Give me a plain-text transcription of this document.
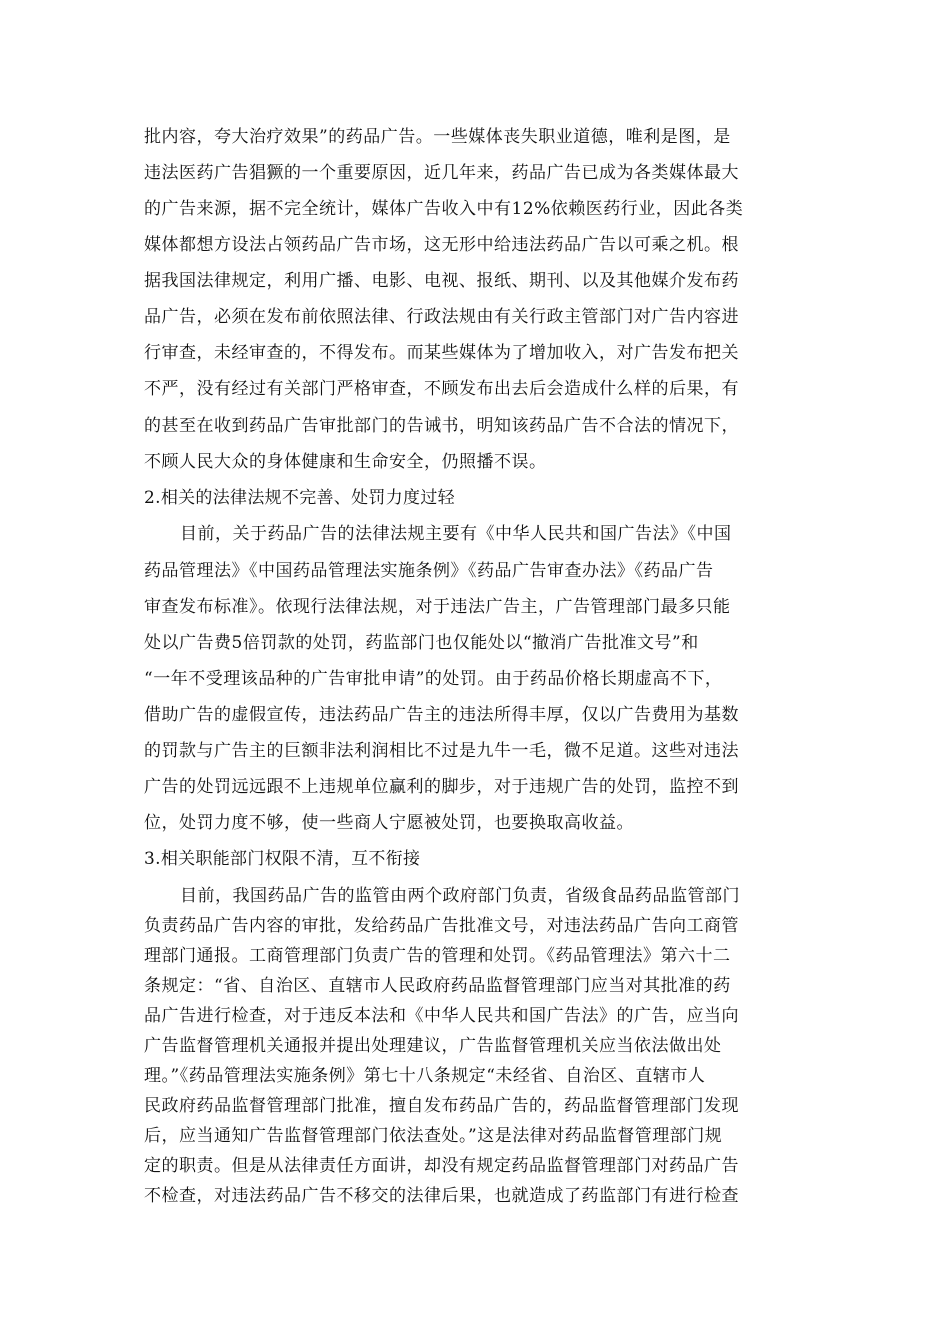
批内容，夸大治疗效果”的药品广告。一些媒体丧失职业道德，唯利是图，是
违法医药广告猖獗的一个重要原因，近几年来，药品广告已成为各类媒体最大
的广告来源，据不完全统计，媒体广告收入中有12%依赖医药行业，因此各类
媒体都想方设法占领药品广告市场，这无形中给违法药品广告以可乘之机。根
据我国法律规定，利用广播、电影、电视、报纸、期刊、以及其他媒介发布药
品广告，必须在发布前依照法律、行政法规由有关行政主管部门对广告内容进
行审查，未经审查的，不得发布。而某些媒体为了增加收入，对广告发布把关
不严，没有经过有关部门严格审查，不顾发布出去后会造成什么样的后果，有
的甚至在收到药品广告审批部门的告诫书，明知该药品广告不合法的情况下，
不顾人民大众的身体健康和生命安全，仍照播不误。
2.相关的法律法规不完善、处罚力度过轻
目前，关于药品广告的法律法规主要有《中华人民共和国广告法》《中国
药品管理法》《中国药品管理法实施条例》《药品广告审查办法》《药品广告
审查发布标准》。依现行法律法规，对于违法广告主，广告管理部门最多只能
处以广告费5倍罚款的处罚，药监部门也仅能处以“撤消广告批准文号”和
“一年不受理该品种的广告审批申请”的处罚。由于药品价格长期虚高不下，
借助广告的虚假宣传，违法药品广告主的违法所得丰厚，仅以广告费用为基数
的罚款与广告主的巨额非法利润相比不过是九牛一毛，微不足道。这些对违法
广告的处罚远远跟不上违规单位赢利的脚步，对于违规广告的处罚，监控不到
位，处罚力度不够，使一些商人宁愿被处罚，也要换取高收益。
3.相关职能部门权限不清，互不衔接
目前，我国药品广告的监管由两个政府部门负责，省级食品药品监管部门
负责药品广告内容的审批，发给药品广告批准文号，对违法药品广告向工商管
理部门通报。工商管理部门负责广告的管理和处罚。《药品管理法》第六十二
条规定：“省、自治区、直辖市人民政府药品监督管理部门应当对其批准的药
品广告进行检查，对于违反本法和《中华人民共和国广告法》的广告，应当向
广告监督管理机关通报并提出处理建议，广告监督管理机关应当依法做出处
理。”《药品管理法实施条例》第七十八条规定“未经省、自治区、直辖市人
民政府药品监督管理部门批准，擅自发布药品广告的，药品监督管理部门发现
后，应当通知广告监督管理部门依法查处。”这是法律对药品监督管理部门规
定的职责。但是从法律责任方面讲，却没有规定药品监督管理部门对药品广告
不检查，对违法药品广告不移交的法律后果，也就造成了药监部门有进行检查
